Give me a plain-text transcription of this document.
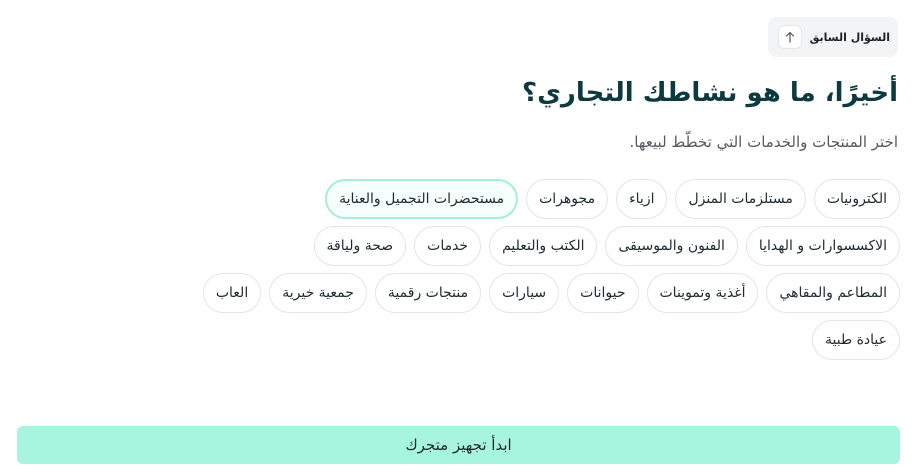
السؤال السابق
أخيرًا، ما هو نشاطك التجاري؟

اختر المنتجات والخدمات التي تخطّط لبيعها.

الكترونيات
مستلزمات المنزل
ازياء
مجوهرات
مستحضرات التجميل والعناية
الاكسسوارات و الهدايا
الفنون والموسيقى
الكتب والتعليم
خدمات
صحة ولياقة
المطاعم والمقاهي
أغذية وتموينات
حيوانات
سيارات
منتجات رقمية
جمعية خيرية
العاب
عيادة طبية
ابدأ تجهيز متجرك
